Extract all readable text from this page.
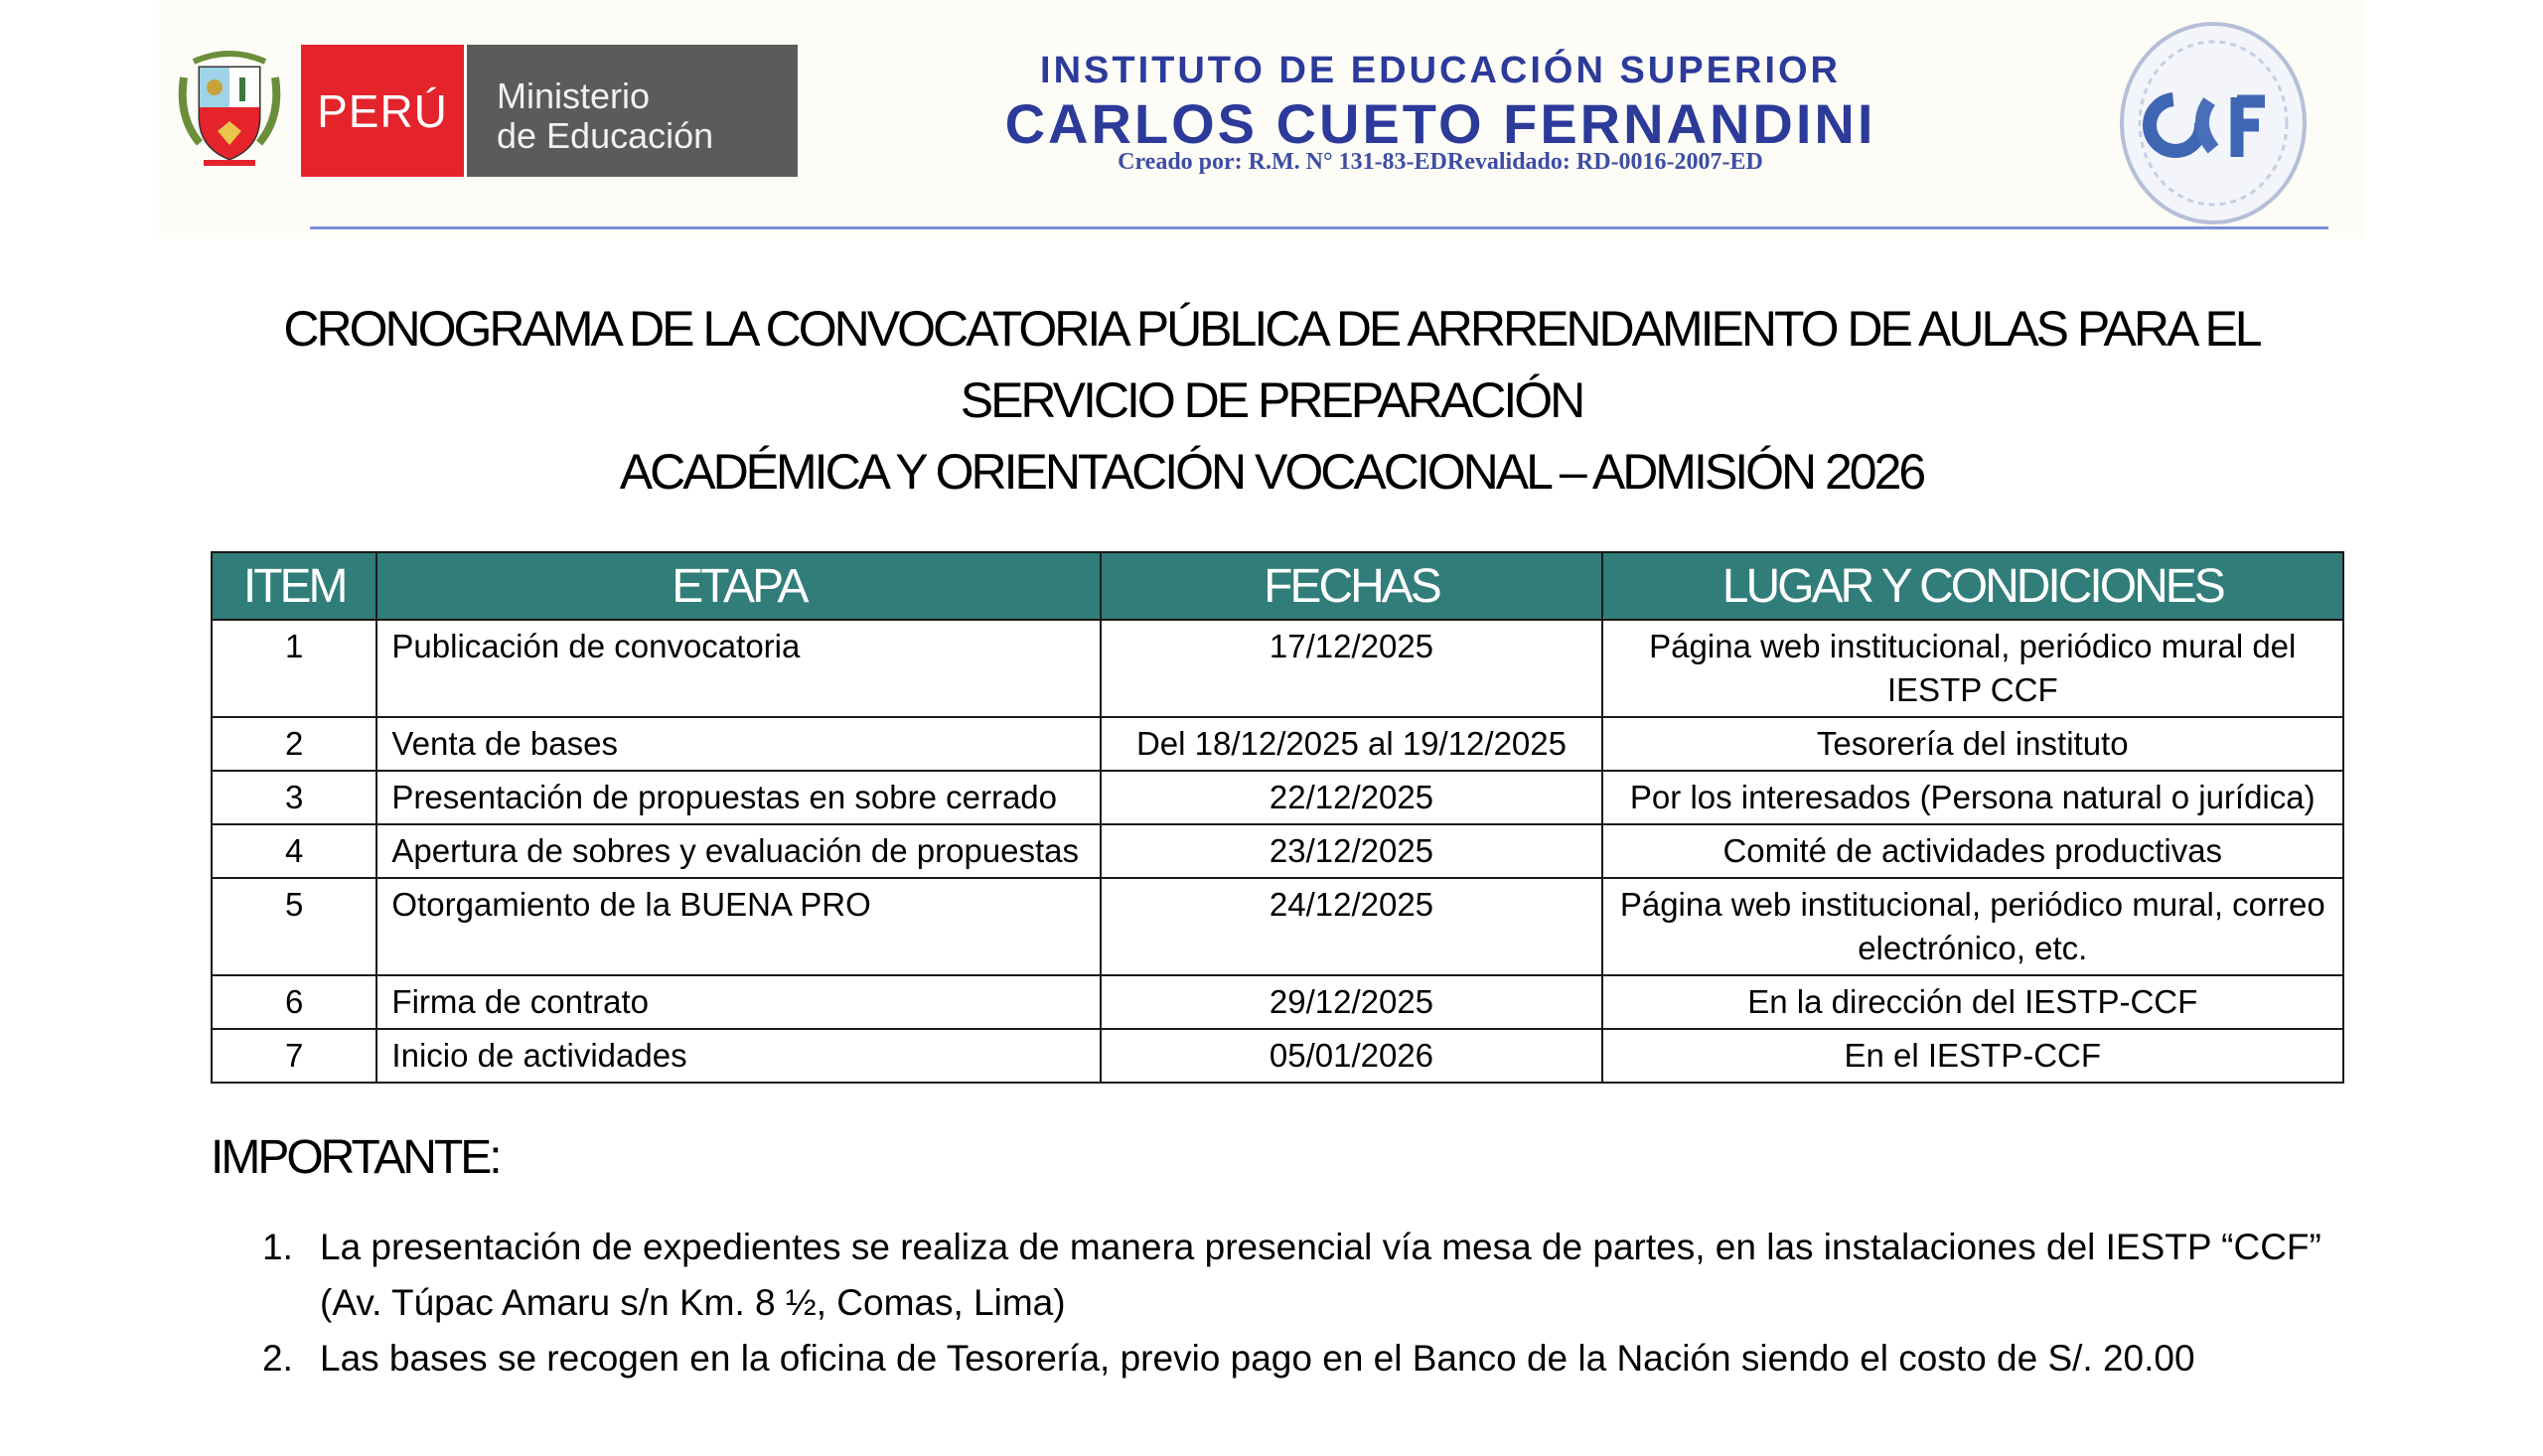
PERÚ Ministerio
de Educación
INSTITUTO DE EDUCACIÓN SUPERIOR
CARLOS CUETO FERNANDINI
Creado por: R.M. N° 131-83-EDRevalidado: RD-0016-2007-ED
CRONOGRAMA DE LA CONVOCATORIA PÚBLICA DE ARRRENDAMIENTO DE AULAS PARA EL SERVICIO DE PREPARACIÓN
ACADÉMICA Y ORIENTACIÓN VOCACIONAL – ADMISIÓN 2026
ITEM	ETAPA	FECHAS	LUGAR Y CONDICIONES
1	Publicación de convocatoria	17/12/2025	Página web institucional, periódico mural del IESTP CCF
2	Venta de bases	Del 18/12/2025 al 19/12/2025	Tesorería del instituto
3	Presentación de propuestas en sobre cerrado	22/12/2025	Por los interesados (Persona natural o jurídica)
4	Apertura de sobres y evaluación de propuestas	23/12/2025	Comité de actividades productivas
5	Otorgamiento de la BUENA PRO	24/12/2025	Página web institucional, periódico mural, correo electrónico, etc.
6	Firma de contrato	29/12/2025	En la dirección del IESTP-CCF
7	Inicio de actividades	05/01/2026	En el IESTP-CCF
IMPORTANTE:
1. La presentación de expedientes se realiza de manera presencial vía mesa de partes, en las instalaciones del IESTP “CCF”
(Av. Túpac Amaru s/n Km. 8 ½, Comas, Lima)
2. Las bases se recogen en la oficina de Tesorería, previo pago en el Banco de la Nación siendo el costo de S/. 20.00
